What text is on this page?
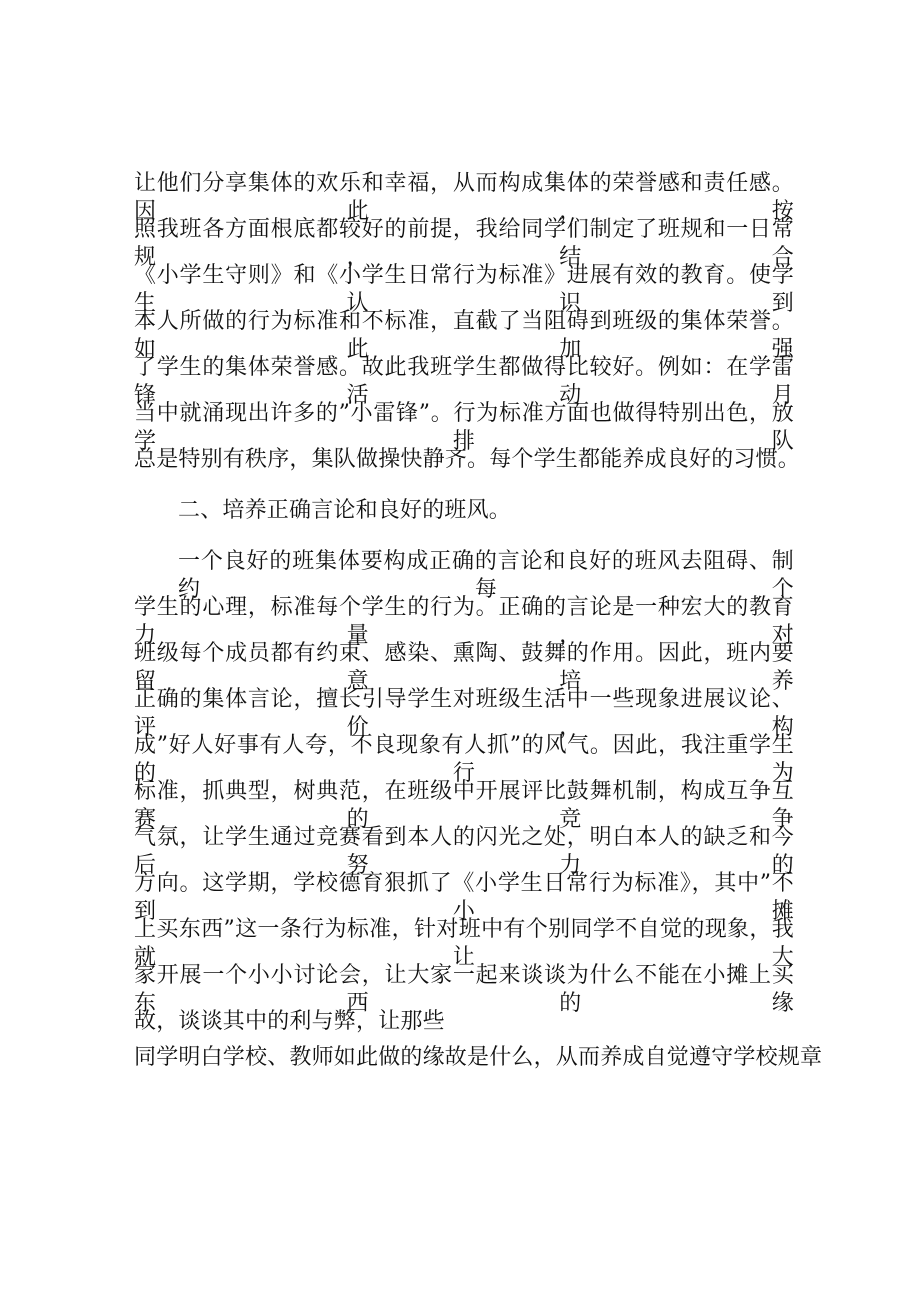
让他们分享集体的欢乐和幸福，从而构成集体的荣誉感和责任感。因此，按
照我班各方面根底都较好的前提，我给同学们制定了班规和一日常规，结合
《小学生守则》和《小学生日常行为标准》进展有效的教育。使学生认识到
本人所做的行为标准和不标准，直截了当阻碍到班级的集体荣誉。如此加强
了学生的集体荣誉感。故此我班学生都做得比较好。例如：在学雷锋活动月
当中就涌现出许多的”小雷锋”。行为标准方面也做得特别出色，放学排队
总是特别有秩序，集队做操快静齐。每个学生都能养成良好的习惯。
二、培养正确言论和良好的班风。
一个良好的班集体要构成正确的言论和良好的班风去阻碍、制约每个
学生的心理，标准每个学生的行为。正确的言论是一种宏大的教育力量，对
班级每个成员都有约束、感染、熏陶、鼓舞的作用。因此，班内要留意培养
正确的集体言论，擅长引导学生对班级生活中一些现象进展议论、评价，构
成”好人好事有人夸，不良现象有人抓”的风气。因此，我注重学生的行为
标准，抓典型，树典范，在班级中开展评比鼓舞机制，构成互争互赛的竞争
气氛，让学生通过竞赛看到本人的闪光之处，明白本人的缺乏和今后努力的
方向。这学期，学校德育狠抓了《小学生日常行为标准》，其中”不到小摊
上买东西”这一条行为标准，针对班中有个别同学不自觉的现象，我就让大
家开展一个小小讨论会，让大家一起来谈谈为什么不能在小摊上买东西的缘
故，谈谈其中的利与弊，让那些
同学明白学校、教师如此做的缘故是什么，从而养成自觉遵守学校规章
